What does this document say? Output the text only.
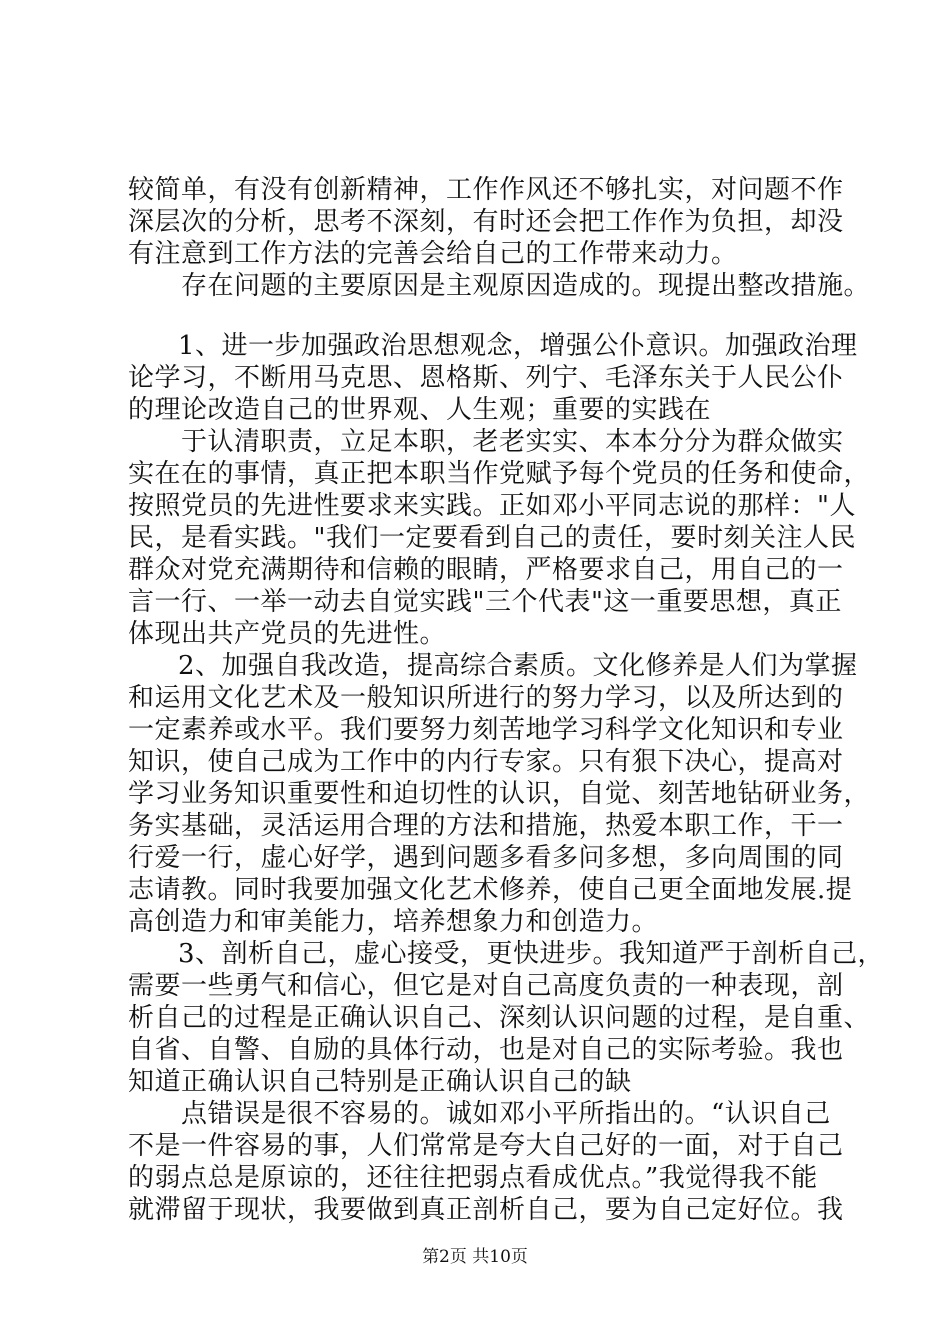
较简单，有没有创新精神，工作作风还不够扎实，对问题不作
深层次的分析，思考不深刻，有时还会把工作作为负担，却没
有注意到工作方法的完善会给自己的工作带来动力。
存在问题的主要原因是主观原因造成的。现提出整改措施。
1、进一步加强政治思想观念，增强公仆意识。加强政治理
论学习，不断用马克思、恩格斯、列宁、毛泽东关于人民公仆
的理论改造自己的世界观、人生观；重要的实践在
于认清职责，立足本职，老老实实、本本分分为群众做实
实在在的事情，真正把本职当作党赋予每个党员的任务和使命，
按照党员的先进性要求来实践。正如邓小平同志说的那样："人
民，是看实践。"我们一定要看到自己的责任，要时刻关注人民
群众对党充满期待和信赖的眼睛，严格要求自己，用自己的一
言一行、一举一动去自觉实践"三个代表"这一重要思想，真正
体现出共产党员的先进性。
2、加强自我改造，提高综合素质。文化修养是人们为掌握
和运用文化艺术及一般知识所进行的努力学习，以及所达到的
一定素养或水平。我们要努力刻苦地学习科学文化知识和专业
知识，使自己成为工作中的内行专家。只有狠下决心，提高对
学习业务知识重要性和迫切性的认识，自觉、刻苦地钻研业务，
务实基础，灵活运用合理的方法和措施，热爱本职工作，干一
行爱一行，虚心好学，遇到问题多看多问多想，多向周围的同
志请教。同时我要加强文化艺术修养，使自己更全面地发展.提
高创造力和审美能力，培养想象力和创造力。
3、剖析自己，虚心接受，更快进步。我知道严于剖析自己，
需要一些勇气和信心，但它是对自己高度负责的一种表现，剖
析自己的过程是正确认识自己、深刻认识问题的过程，是自重、
自省、自警、自励的具体行动，也是对自己的实际考验。我也
知道正确认识自己特别是正确认识自己的缺
点错误是很不容易的。诚如邓小平所指出的。“认识自己
不是一件容易的事，人们常常是夸大自己好的一面，对于自己
的弱点总是原谅的，还往往把弱点看成优点。”我觉得我不能
就滞留于现状，我要做到真正剖析自己，要为自己定好位。我
第2页 共10页
